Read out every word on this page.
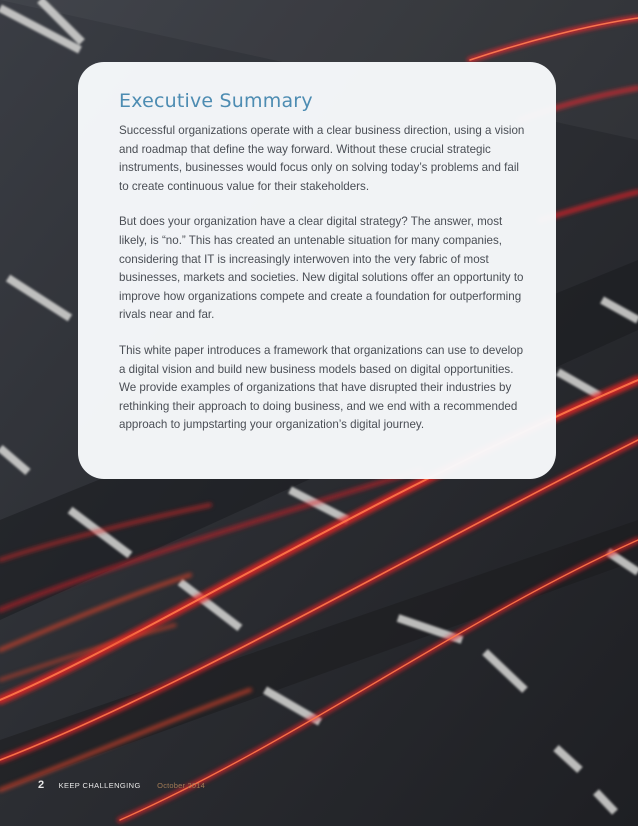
Executive Summary

Successful organizations operate with a clear business direction, using a vision and roadmap that define the way forward. Without these crucial strategic instruments, businesses would focus only on solving today’s problems and fail to create continuous value for their stakeholders.

But does your organization have a clear digital strategy? The answer, most likely, is “no.” This has created an untenable situation for many companies, considering that IT is increasingly interwoven into the very fabric of most businesses, markets and societies. New digital solutions offer an opportunity to improve how organizations compete and create a foundation for outperforming rivals near and far.

This white paper introduces a framework that organizations can use to develop a digital vision and build new business models based on digital opportunities. We provide examples of organizations that have disrupted their industries by rethinking their approach to doing business, and we end with a recommended approach to jumpstarting your organization’s digital journey.

2 KEEP CHALLENGING October 2014
